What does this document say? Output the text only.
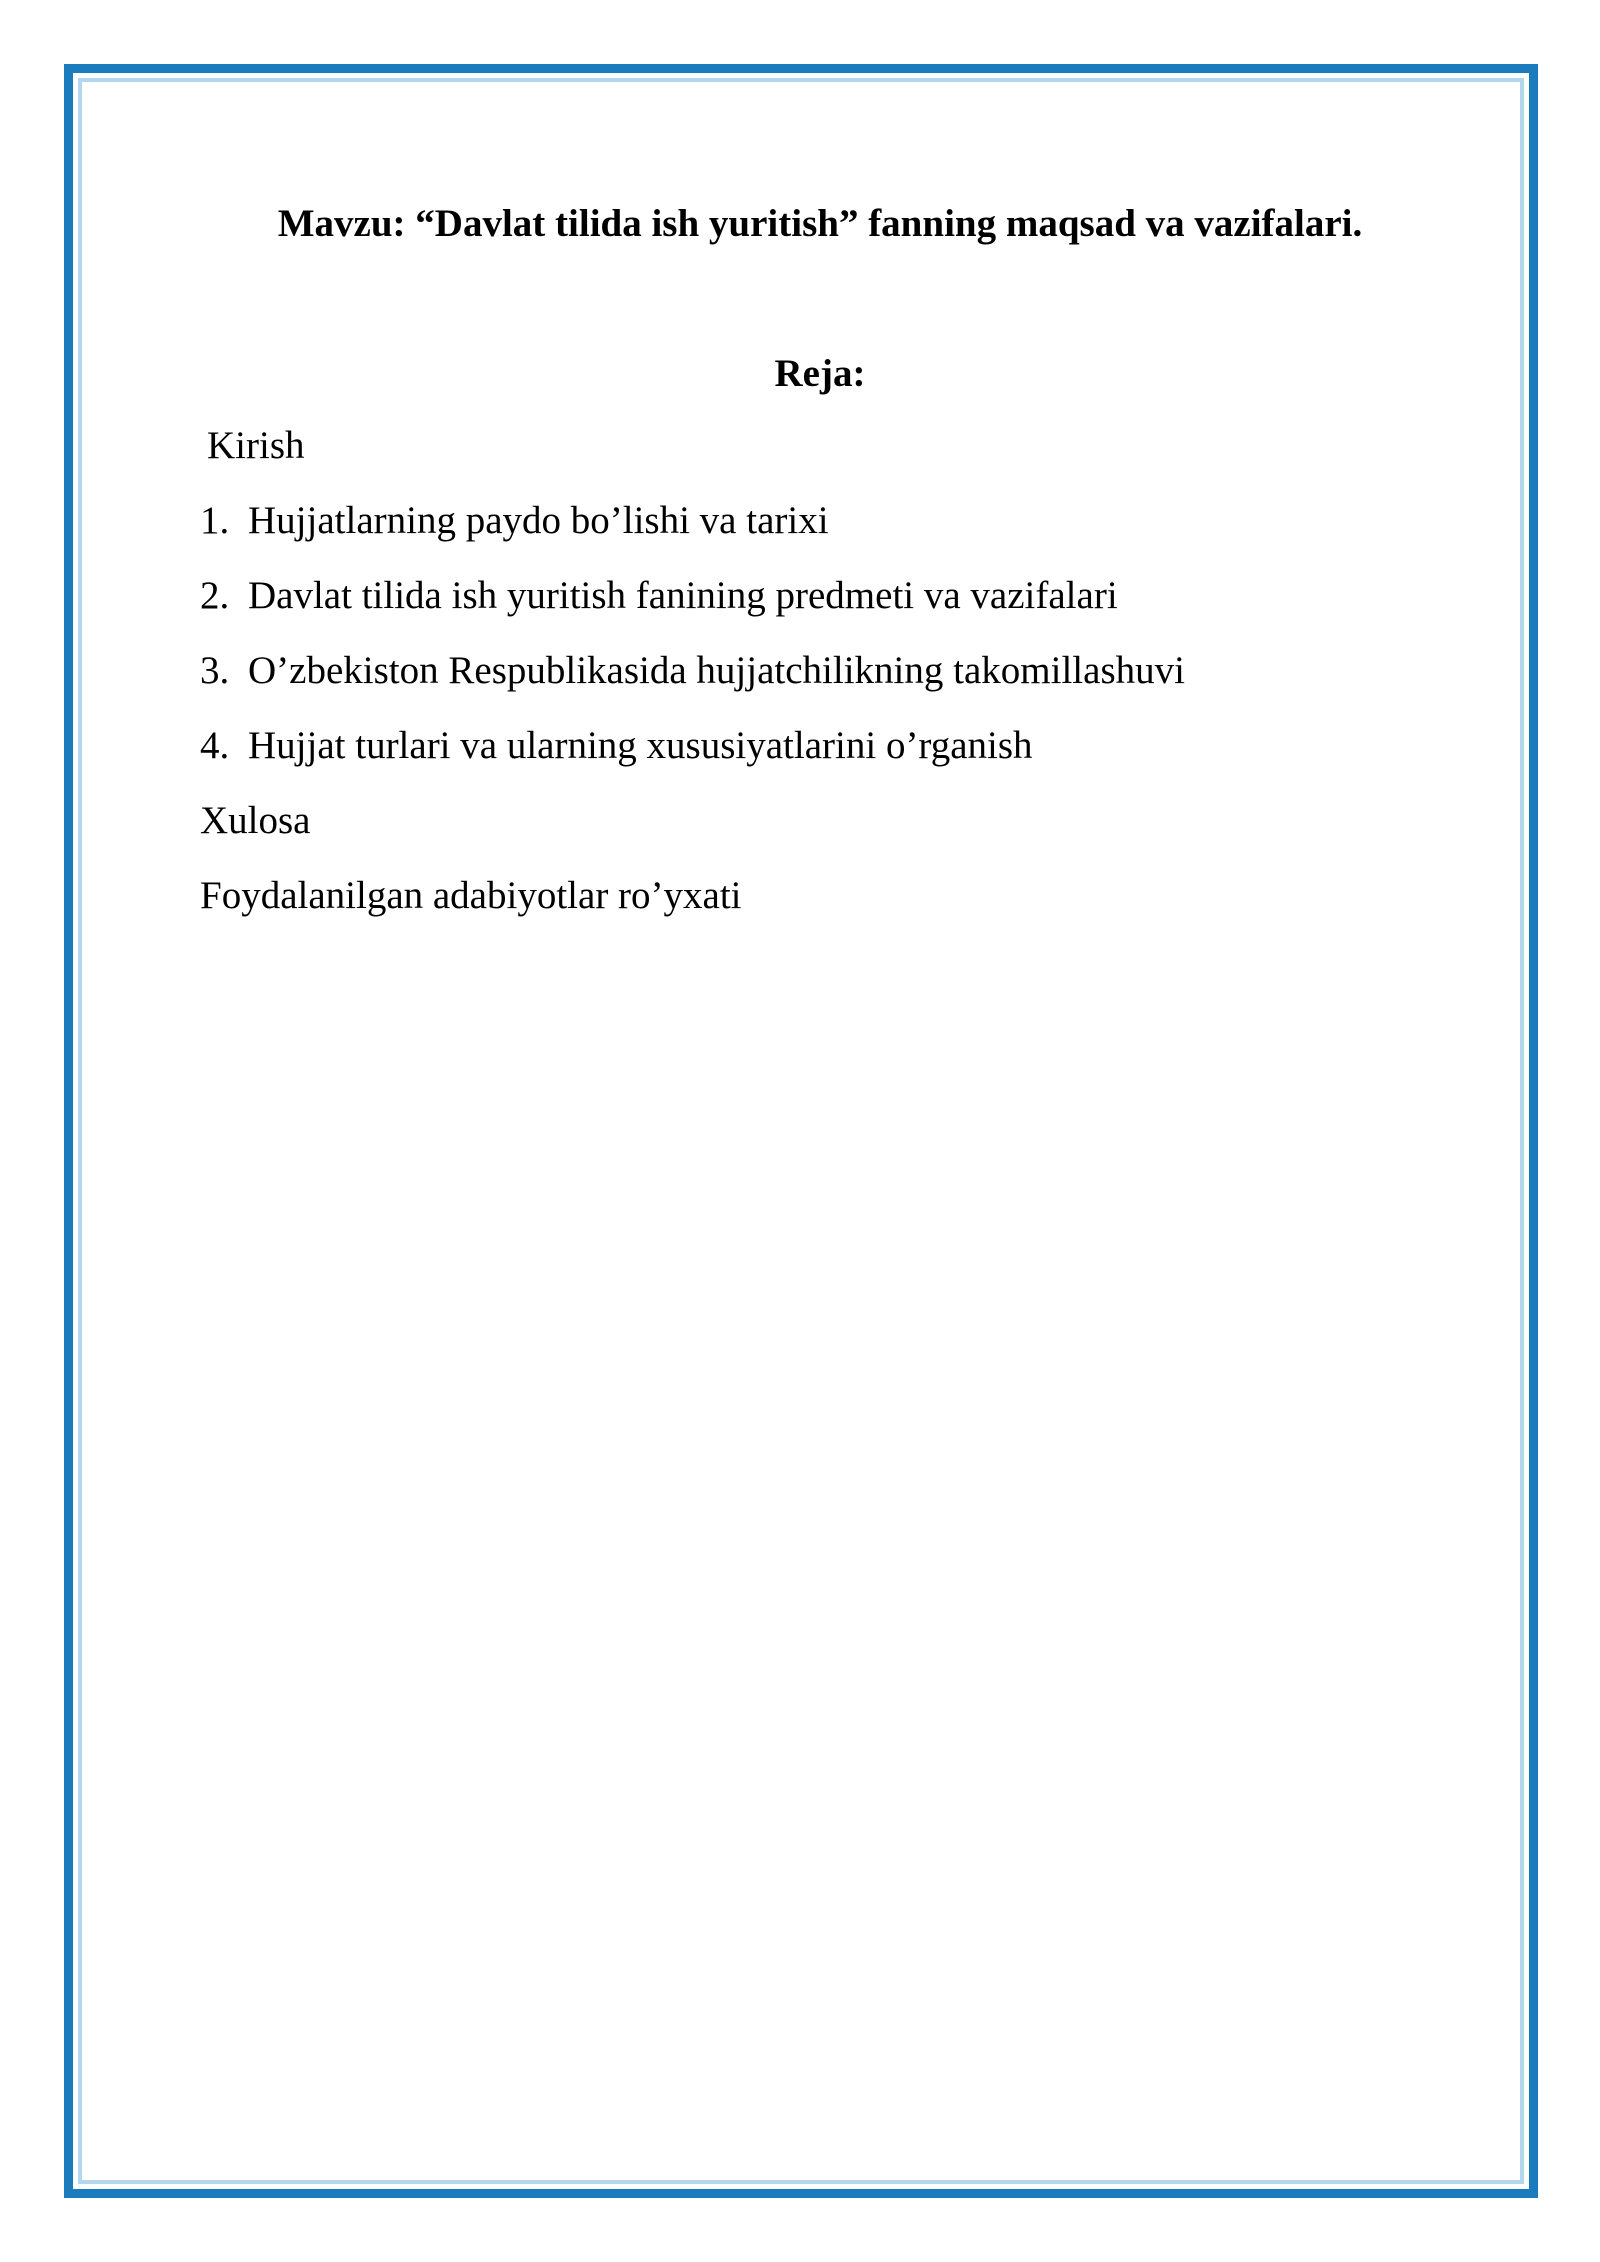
Mavzu: “Davlat tilida ish yuritish” fanning maqsad va vazifalari.
Reja:
Kirish
1. Hujjatlarning paydo bo’lishi va tarixi
2. Davlat tilida ish yuritish fanining predmeti va vazifalari
3. O’zbekiston Respublikasida hujjatchilikning takomillashuvi
4. Hujjat turlari va ularning xususiyatlarini o’rganish
Xulosa
Foydalanilgan adabiyotlar ro’yxati
